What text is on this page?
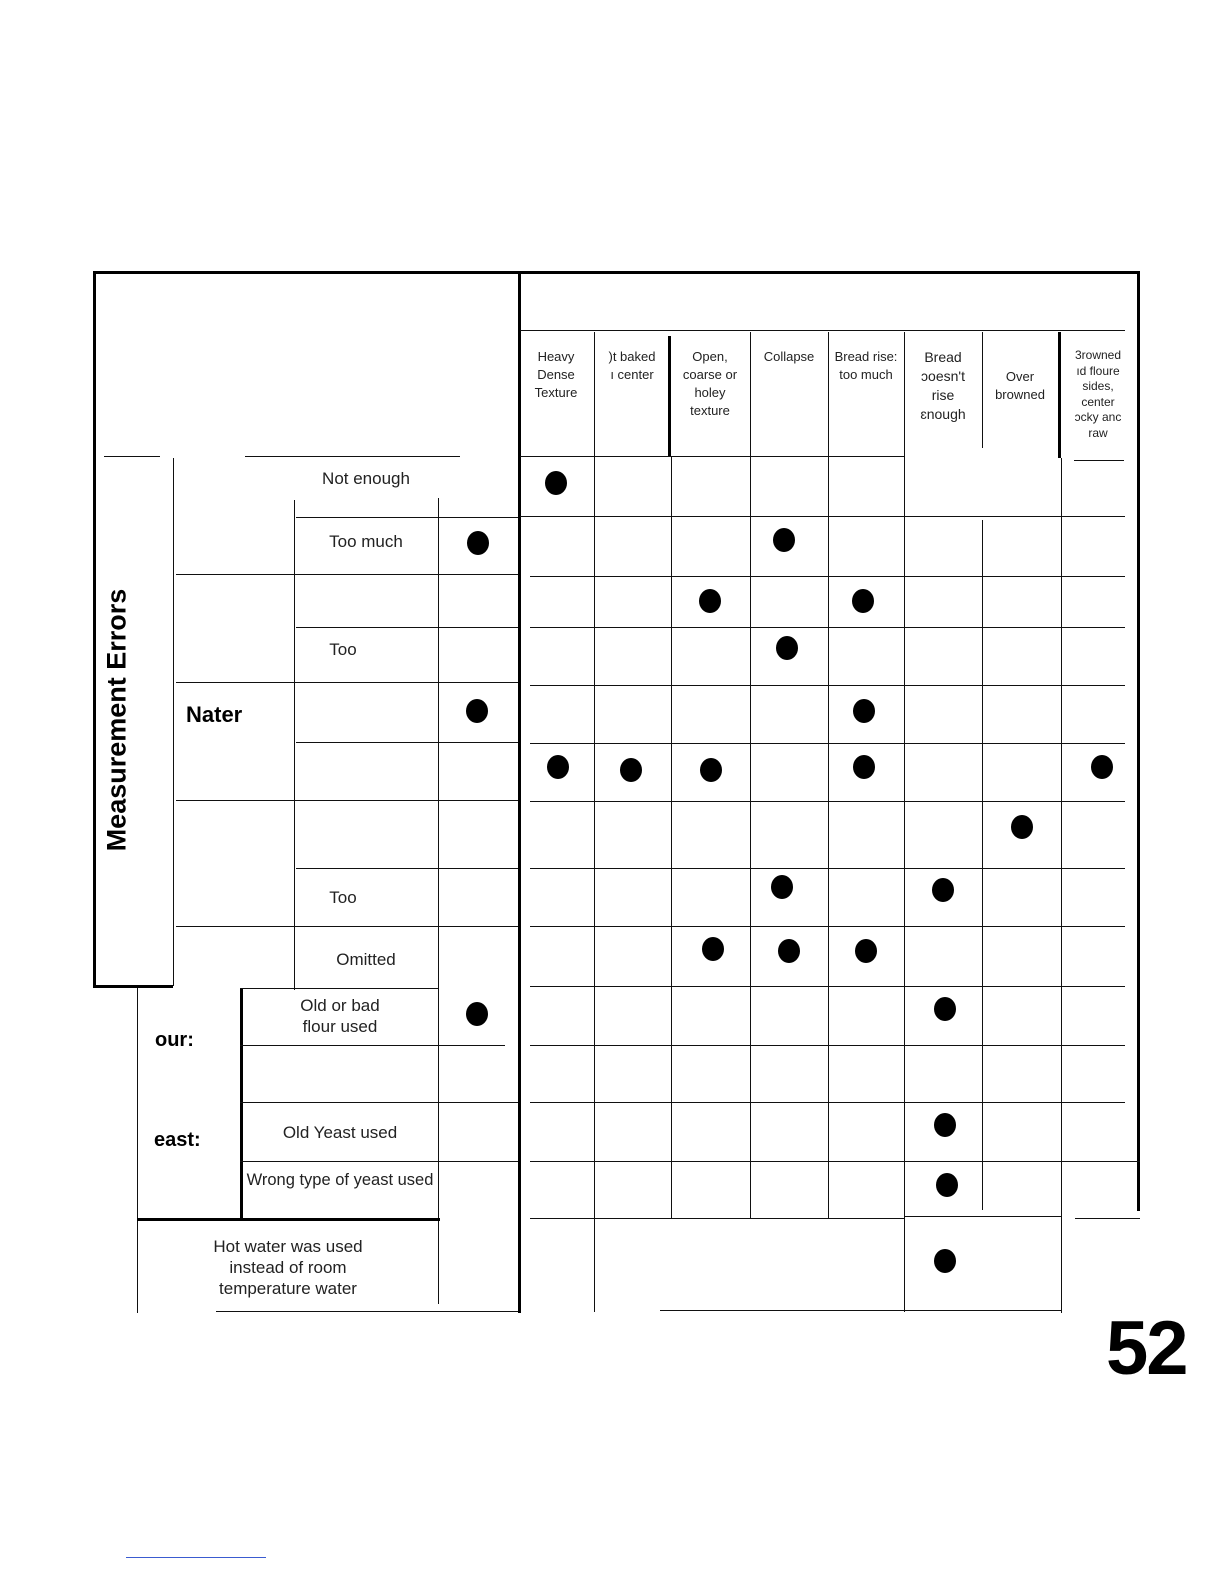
Heavy
Dense
Texture
)t baked
ı center
Open,
coarse or
holey
texture
Collapse	Bread rise:
too much
Bread
ɔoesn't
rise
ɛnough
Over
browned
3rowned
ıd floure
sides,
center
ɔcky anc
raw
Measurement Errors Nater
our:
east:
Not enough
Too much
Too
Too
Omitted
Old or bad
flour used
Old Yeast used
Wrong type of yeast used
Hot water was used
instead of room
temperature water
52
